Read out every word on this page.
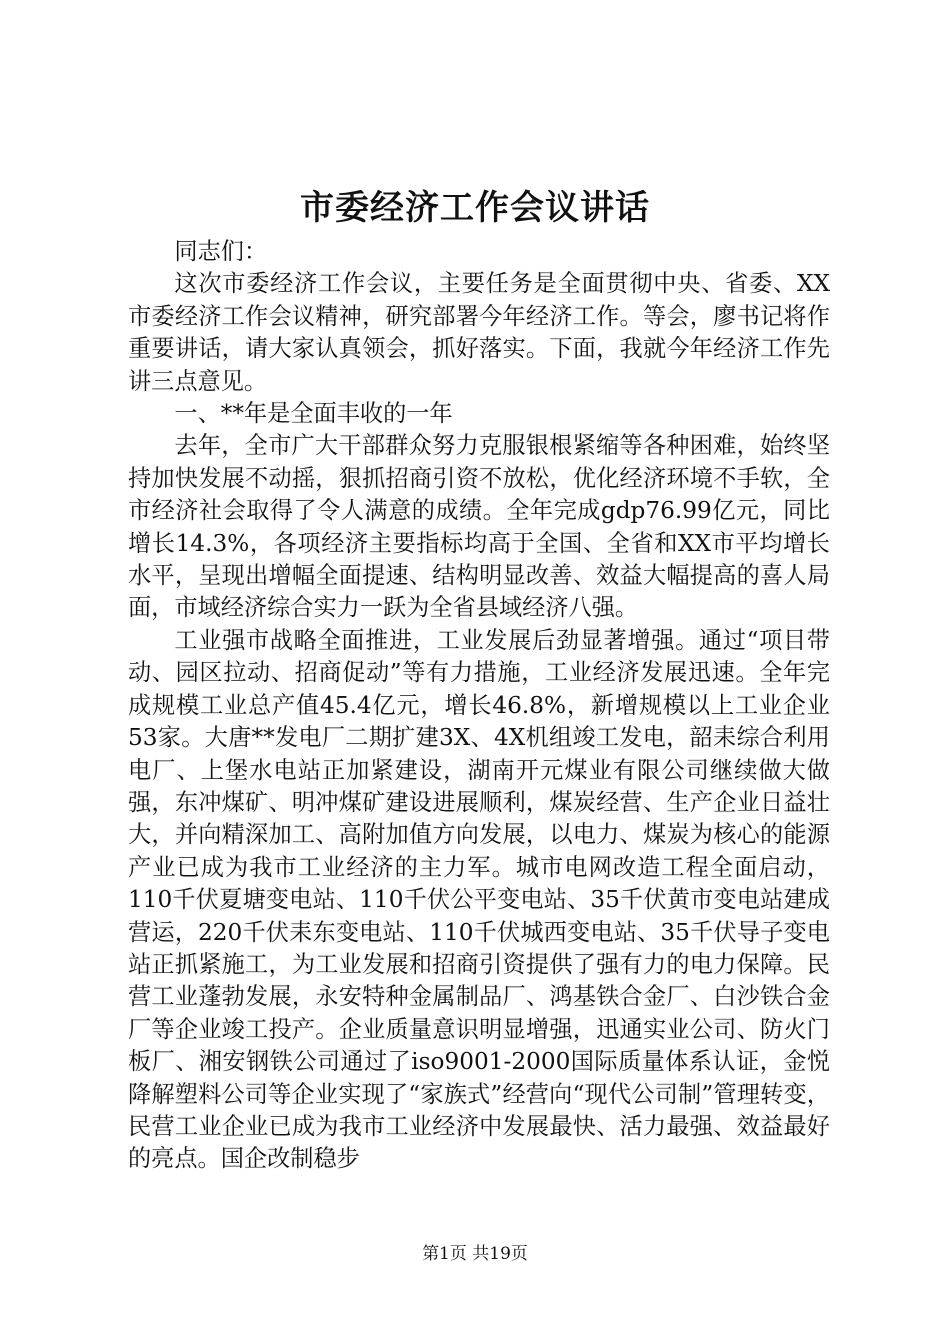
市委经济工作会议讲话

同志们：

这次市委经济工作会议，主要任务是全面贯彻中央、省委、XX市委经济工作会议精神，研究部署今年经济工作。等会，廖书记将作重要讲话，请大家认真领会，抓好落实。下面，我就今年经济工作先讲三点意见。

一、**年是全面丰收的一年

去年，全市广大干部群众努力克服银根紧缩等各种困难，始终坚持加快发展不动摇，狠抓招商引资不放松，优化经济环境不手软，全市经济社会取得了令人满意的成绩。全年完成gdp76.99亿元，同比增长14.3%，各项经济主要指标均高于全国、全省和XX市平均增长水平，呈现出增幅全面提速、结构明显改善、效益大幅提高的喜人局面，市域经济综合实力一跃为全省县域经济八强。

工业强市战略全面推进，工业发展后劲显著增强。通过“项目带动、园区拉动、招商促动”等有力措施，工业经济发展迅速。全年完成规模工业总产值45.4亿元，增长46.8%，新增规模以上工业企业53家。大唐**发电厂二期扩建3X、4X机组竣工发电，韶耒综合利用电厂、上堡水电站正加紧建设，湖南开元煤业有限公司继续做大做强，东冲煤矿、明冲煤矿建设进展顺利，煤炭经营、生产企业日益壮大，并向精深加工、高附加值方向发展，以电力、煤炭为核心的能源产业已成为我市工业经济的主力军。城市电网改造工程全面启动，110千伏夏塘变电站、110千伏公平变电站、35千伏黄市变电站建成营运，220千伏耒东变电站、110千伏城西变电站、35千伏导子变电站正抓紧施工，为工业发展和招商引资提供了强有力的电力保障。民营工业蓬勃发展，永安特种金属制品厂、鸿基铁合金厂、白沙铁合金厂等企业竣工投产。企业质量意识明显增强，迅通实业公司、防火门板厂、湘安钢铁公司通过了iso9001-2000国际质量体系认证，金悦降解塑料公司等企业实现了“家族式”经营向“现代公司制”管理转变，民营工业企业已成为我市工业经济中发展最快、活力最强、效益最好的亮点。国企改制稳步

第1页 共19页
